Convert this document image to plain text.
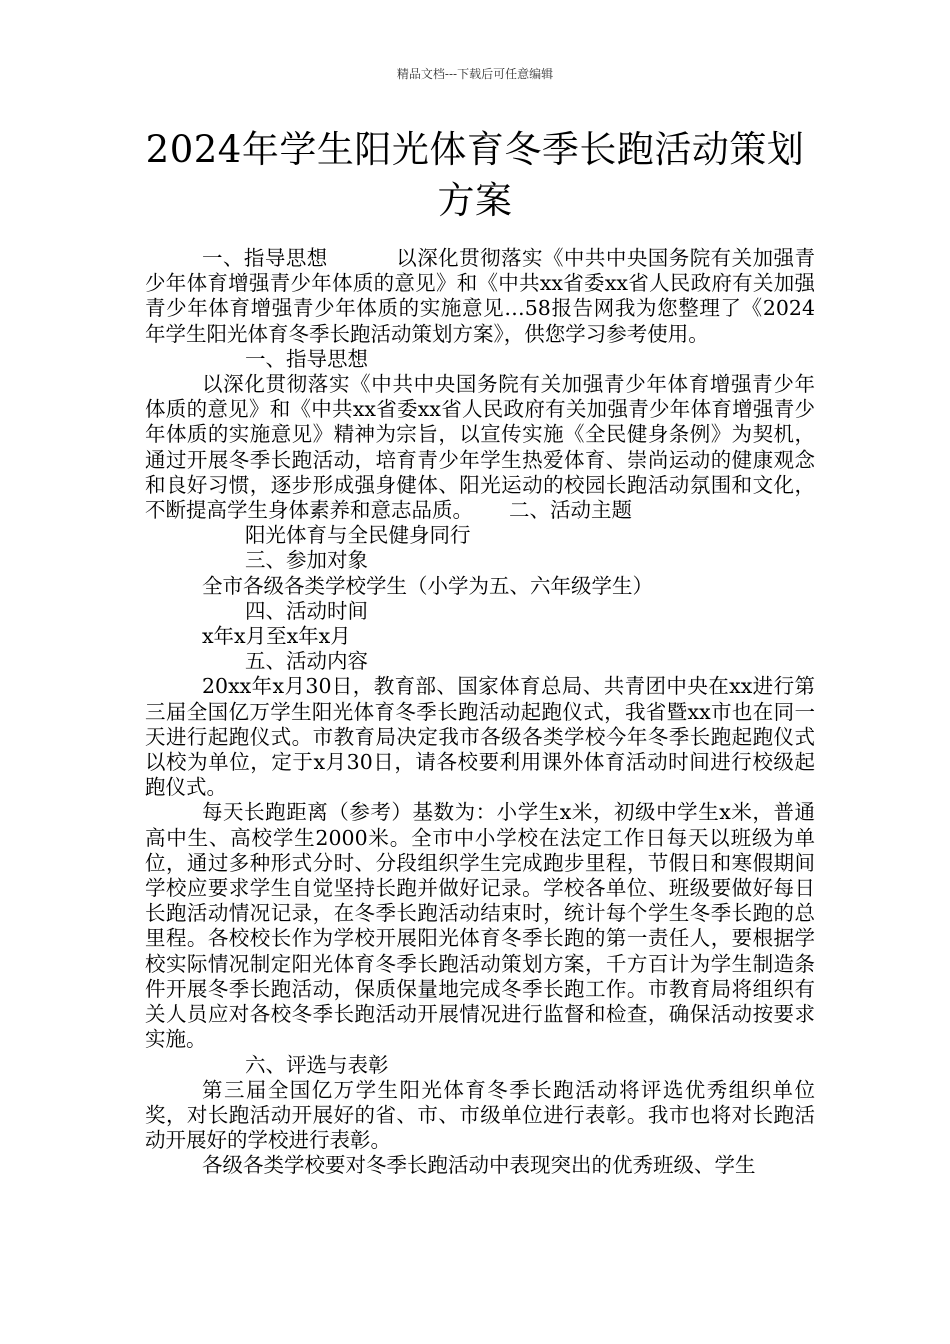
精品文档---下载后可任意编辑
2024年学生阳光体育冬季长跑活动策划方案

一、指导思想	以深化贯彻落实《中共中央国务院有关加强青少年体育增强青少年体质的意见》和《中共xx省委xx省人民政府有关加强青少年体育增强青少年体质的实施意见…58报告网我为您整理了《2024年学生阳光体育冬季长跑活动策划方案》，供您学习参考使用。

一、指导思想

以深化贯彻落实《中共中央国务院有关加强青少年体育增强青少年体质的意见》和《中共xx省委xx省人民政府有关加强青少年体育增强青少年体质的实施意见》精神为宗旨，以宣传实施《全民健身条例》为契机，通过开展冬季长跑活动，培育青少年学生热爱体育、崇尚运动的健康观念和良好习惯，逐步形成强身健体、阳光运动的校园长跑活动氛围和文化，不断提高学生身体素养和意志品质。 二、活动主题

阳光体育与全民健身同行

三、参加对象

全市各级各类学校学生（小学为五、六年级学生）

四、活动时间

x年x月至x年x月

五、活动内容

20xx年x月30日，教育部、国家体育总局、共青团中央在xx进行第三届全国亿万学生阳光体育冬季长跑活动起跑仪式，我省暨xx市也在同一天进行起跑仪式。市教育局决定我市各级各类学校今年冬季长跑起跑仪式以校为单位，定于x月30日，请各校要利用课外体育活动时间进行校级起跑仪式。

每天长跑距离（参考）基数为：小学生x米，初级中学生x米，普通高中生、高校学生2000米。全市中小学校在法定工作日每天以班级为单位，通过多种形式分时、分段组织学生完成跑步里程，节假日和寒假期间学校应要求学生自觉坚持长跑并做好记录。学校各单位、班级要做好每日长跑活动情况记录，在冬季长跑活动结束时，统计每个学生冬季长跑的总里程。各校校长作为学校开展阳光体育冬季长跑的第一责任人，要根据学校实际情况制定阳光体育冬季长跑活动策划方案，千方百计为学生制造条件开展冬季长跑活动，保质保量地完成冬季长跑工作。市教育局将组织有关人员应对各校冬季长跑活动开展情况进行监督和检查，确保活动按要求实施。

六、评选与表彰

第三届全国亿万学生阳光体育冬季长跑活动将评选优秀组织单位奖，对长跑活动开展好的省、市、市级单位进行表彰。我市也将对长跑活动开展好的学校进行表彰。

各级各类学校要对冬季长跑活动中表现突出的优秀班级、学生
